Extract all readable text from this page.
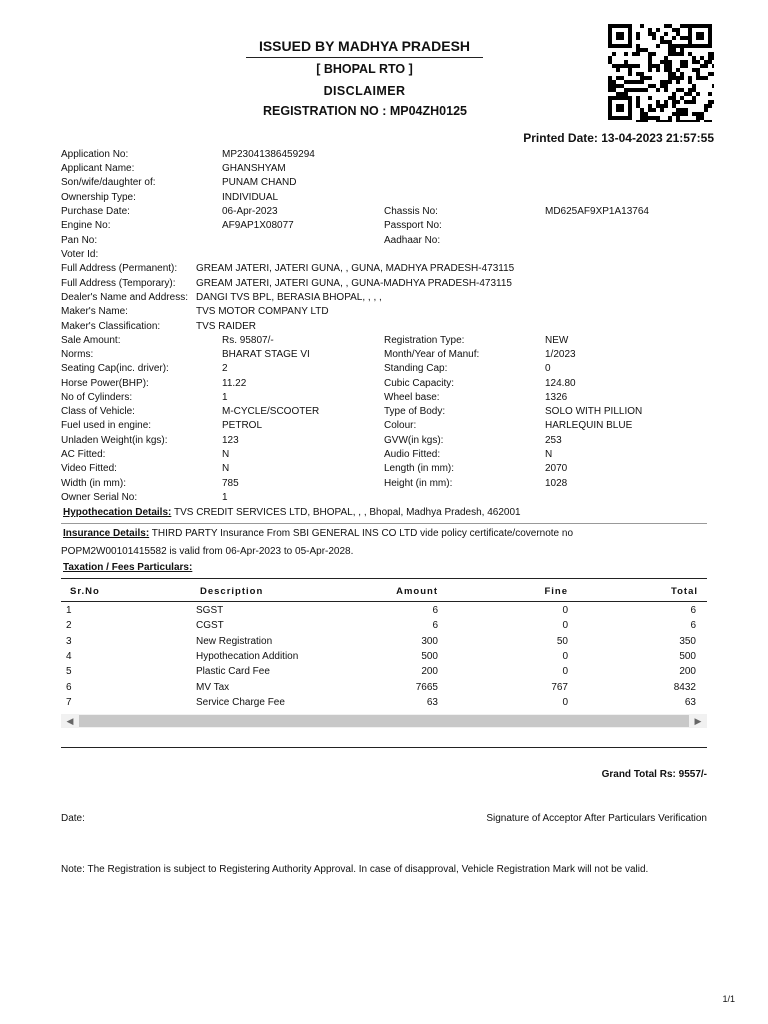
ISSUED BY MADHYA PRADESH
[ BHOPAL RTO ]
DISCLAIMER
REGISTRATION NO : MP04ZH0125
Printed Date: 13-04-2023 21:57:55
Application No:	MP23041386459294
Applicant Name:	GHANSHYAM
Son/wife/daughter of:	PUNAM CHAND
Ownership Type:	INDIVIDUAL
Purchase Date:	06-Apr-2023	Chassis No:	MD625AF9XP1A13764
Engine No:	AF9AP1X08077	Passport No:
Pan No:	Aadhaar No:
Voter Id:
Full Address (Permanent): GREAM JATERI, JATERI GUNA, , GUNA, MADHYA PRADESH-473115
Full Address (Temporary): GREAM JATERI, JATERI GUNA, , GUNA-MADHYA PRADESH-473115
Dealer's Name and Address: DANGI TVS BPL, BERASIA BHOPAL, , , ,
Maker's Name:	TVS MOTOR COMPANY LTD
Maker's Classification:	TVS RAIDER
Sale Amount:	Rs. 95807/-	Registration Type:	NEW
Norms:	BHARAT STAGE VI	Month/Year of Manuf:	1/2023
Seating Cap(inc. driver):	2	Standing Cap:	0
Horse Power(BHP):	11.22	Cubic Capacity:	124.80
No of Cylinders:	1	Wheel base:	1326
Class of Vehicle:	M-CYCLE/SCOOTER	Type of Body:	SOLO WITH PILLION
Fuel used in engine:	PETROL	Colour:	HARLEQUIN BLUE
Unladen Weight(in kgs):	123	GVW(in kgs):	253
AC Fitted:	N	Audio Fitted:	N
Video Fitted:	N	Length (in mm):	2070
Width (in mm):	785	Height (in mm):	1028
Owner Serial No:	1
Hypothecation Details: TVS CREDIT SERVICES LTD, BHOPAL, , , Bhopal, Madhya Pradesh, 462001
Insurance Details: THIRD PARTY Insurance From SBI GENERAL INS CO LTD vide policy certificate/covernote no
POPM2W00101415582 is valid from 06-Apr-2023 to 05-Apr-2028.
Taxation / Fees Particulars:
Sr.No	Description	Amount	Fine	Total
1	SGST	6	0	6
2	CGST	6	0	6
3	New Registration	300	50	350
4	Hypothecation Addition	500	0	500
5	Plastic Card Fee	200	0	200
6	MV Tax	7665	767	8432
7	Service Charge Fee	63	0	63
◀	▶
Grand Total Rs: 9557/-
Date:	Signature of Acceptor After Particulars Verification
Note: The Registration is subject to Registering Authority Approval. In case of disapproval, Vehicle Registration Mark will not be valid.
1/1
